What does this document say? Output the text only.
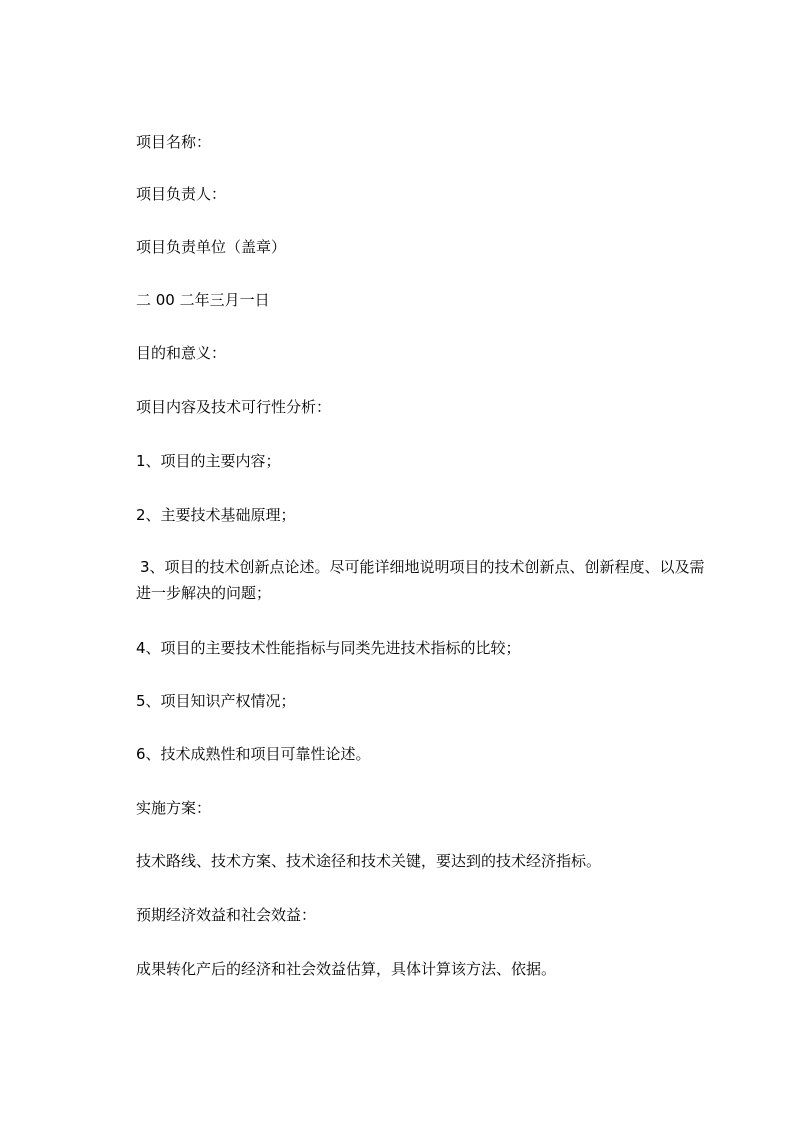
项目名称：

项目负责人：

项目负责单位（盖章）

二 00 二年三月一日

目的和意义：

项目内容及技术可行性分析：

1、项目的主要内容；

2、主要技术基础原理；

3、项目的技术创新点论述。尽可能详细地说明项目的技术创新点、创新程度、以及需进一步解决的问题；

4、项目的主要技术性能指标与同类先进技术指标的比较；

5、项目知识产权情况；

6、技术成熟性和项目可靠性论述。

实施方案：

技术路线、技术方案、技术途径和技术关键，要达到的技术经济指标。

预期经济效益和社会效益：

成果转化产后的经济和社会效益估算，具体计算该方法、依据。
